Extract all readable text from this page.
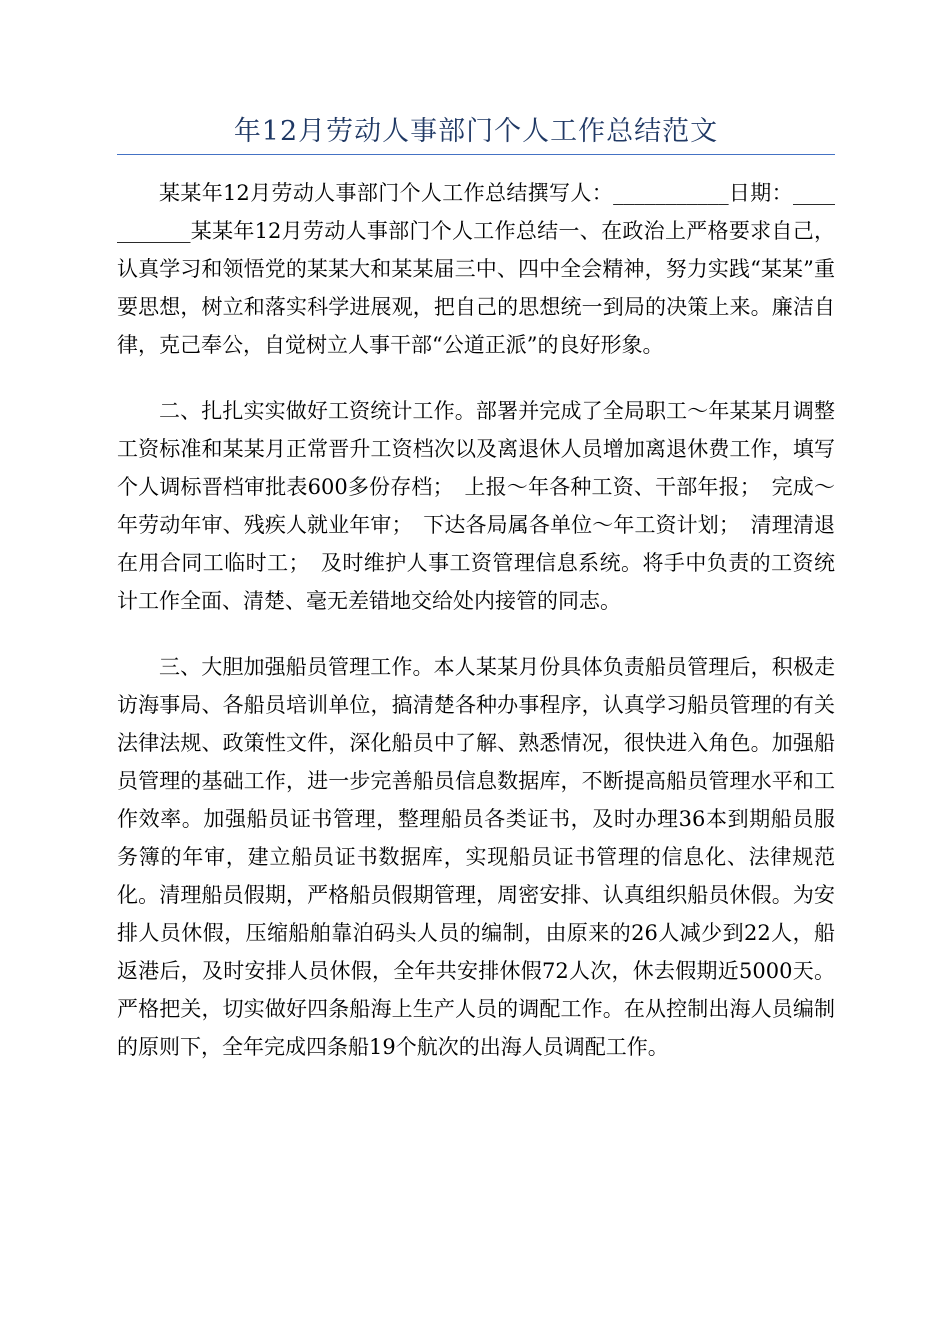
年12月劳动人事部门个人工作总结范文

某某年12月劳动人事部门个人工作总结撰写人：___________日期：___________某某年12月劳动人事部门个人工作总结一、在政治上严格要求自己，认真学习和领悟党的某某大和某某届三中、四中全会精神，努力实践“某某”重要思想，树立和落实科学进展观，把自己的思想统一到局的决策上来。廉洁自律，克己奉公，自觉树立人事干部“公道正派”的良好形象。

二、扎扎实实做好工资统计工作。部署并完成了全局职工～年某某月调整工资标准和某某月正常晋升工资档次以及离退休人员增加离退休费工作，填写个人调标晋档审批表600多份存档；　上报～年各种工资、干部年报；　完成～年劳动年审、残疾人就业年审；　下达各局属各单位～年工资计划；　清理清退在用合同工临时工；　及时维护人事工资管理信息系统。将手中负责的工资统计工作全面、清楚、毫无差错地交给处内接管的同志。

三、大胆加强船员管理工作。本人某某月份具体负责船员管理后，积极走访海事局、各船员培训单位，搞清楚各种办事程序，认真学习船员管理的有关法律法规、政策性文件，深化船员中了解、熟悉情况，很快进入角色。加强船员管理的基础工作，进一步完善船员信息数据库，不断提高船员管理水平和工作效率。加强船员证书管理，整理船员各类证书，及时办理36本到期船员服务簿的年审，建立船员证书数据库，实现船员证书管理的信息化、法律规范化。清理船员假期，严格船员假期管理，周密安排、认真组织船员休假。为安排人员休假，压缩船舶靠泊码头人员的编制，由原来的26人减少到22人，船返港后，及时安排人员休假，全年共安排休假72人次，休去假期近5000天。严格把关，切实做好四条船海上生产人员的调配工作。在从控制出海人员编制的原则下，全年完成四条船19个航次的出海人员调配工作。
